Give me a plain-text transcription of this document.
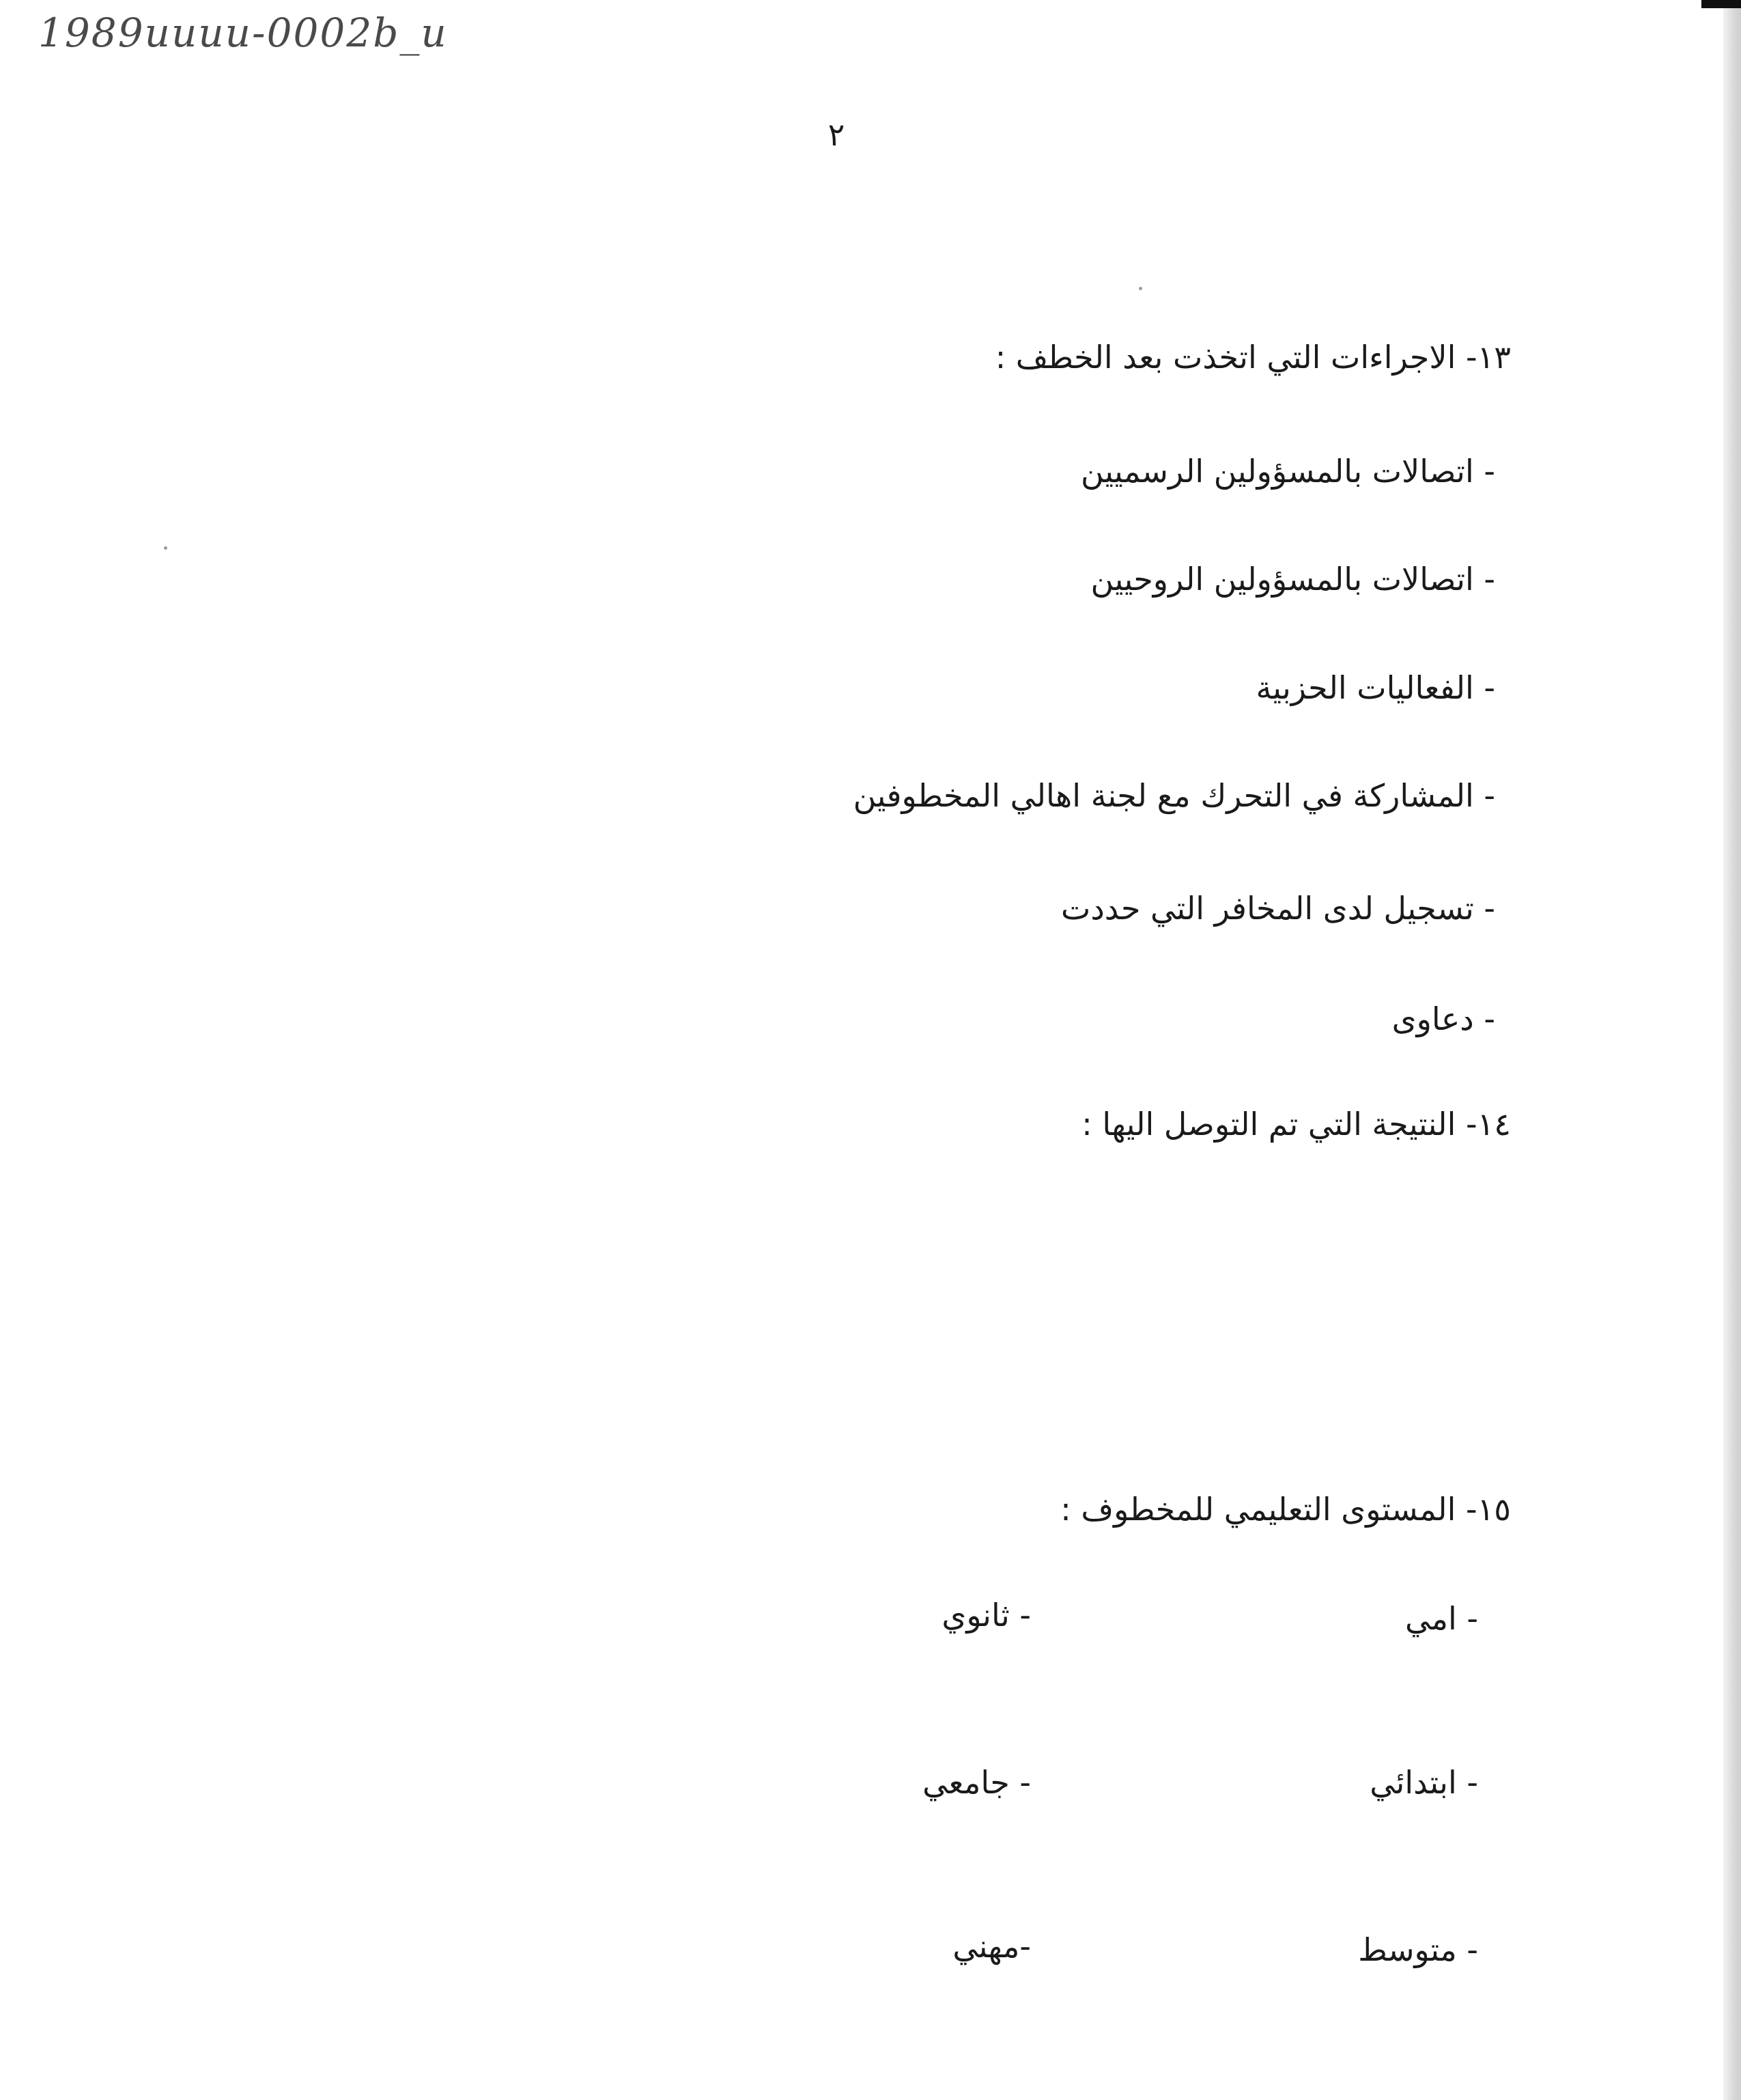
1989uuuu-0002b_u
٢
١٣- الاجراءات التي اتخذت بعد الخطف :
- اتصالات بالمسؤولين الرسميين
- اتصالات بالمسؤولين الروحيين
- الفعاليات الحزبية
- المشاركة في التحرك مع لجنة اهالي المخطوفين
- تسجيل لدى المخافر التي حددت
- دعاوى
١٤- النتيجة التي تم التوصل اليها :
١٥- المستوى التعليمي للمخطوف :
- امي
- ثانوي
- ابتدائي
- جامعي
- متوسط
-مهني
